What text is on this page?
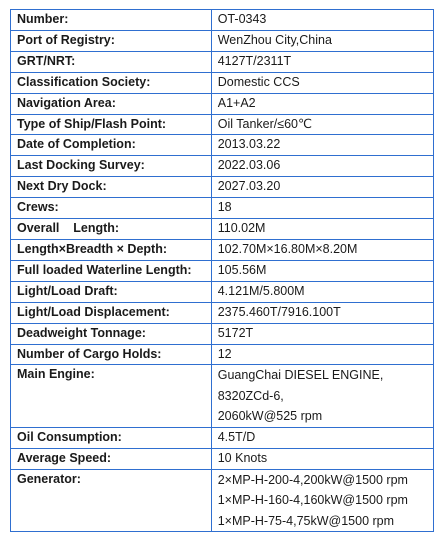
Number:	OT-0343
Port of Registry:	WenZhou City,China
GRT/NRT:	4127T/2311T
Classification Society:	Domestic CCS
Navigation Area:	A1+A2
Type of Ship/Flash Point:	Oil Tanker/≤60℃
Date of Completion:	2013.03.22
Last Docking Survey:	2022.03.06
Next Dry Dock:	2027.03.20
Crews:	18
Overall    Length:	110.02M
Length×Breadth × Depth:	102.70M×16.80M×8.20M
Full loaded Waterline Length:	105.56M
Light/Load Draft:	4.121M/5.800M
Light/Load Displacement:	2375.460T/7916.100T
Deadweight Tonnage:	5172T
Number of Cargo Holds:	12
Main Engine:	GuangChai DIESEL ENGINE,
8320ZCd-6,
2060kW@525 rpm

Oil Consumption:	4.5T/D
Average Speed:	10 Knots
Generator:	2×MP-H-200-4,200kW@1500 rpm
1×MP-H-160-4,160kW@1500 rpm
1×MP-H-75-4,75kW@1500 rpm
